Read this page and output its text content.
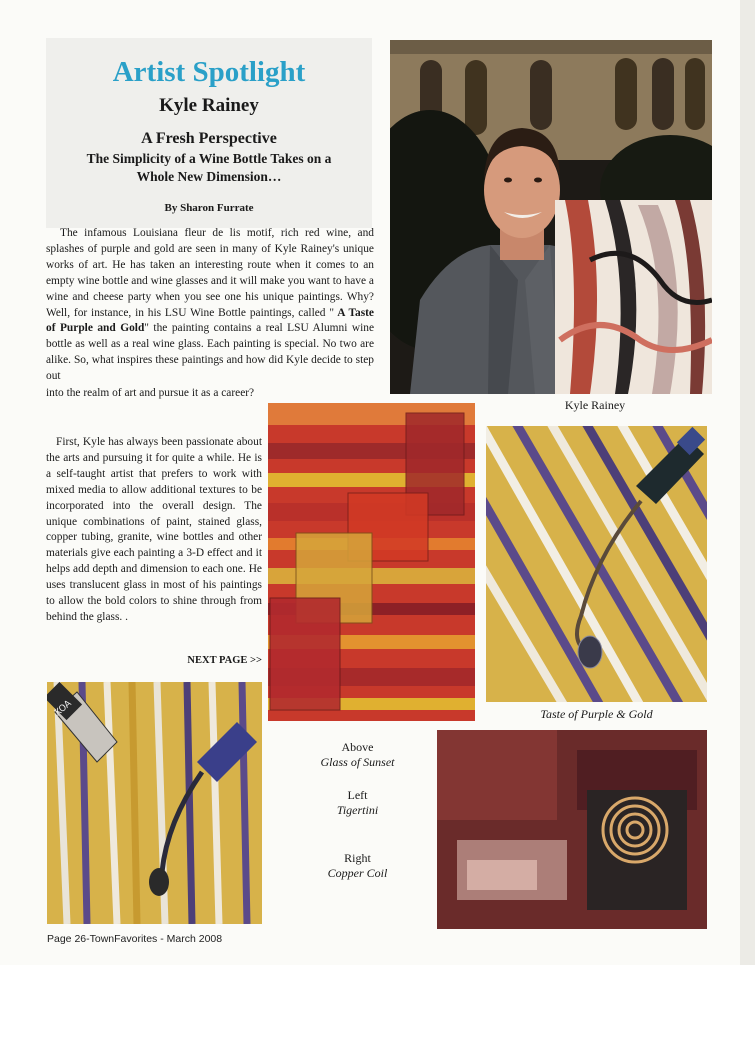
Artist Spotlight
Kyle Rainey
A Fresh Perspective
The Simplicity of a Wine Bottle Takes on a
Whole New Dimension…
By Sharon Furrate

The infamous Louisiana fleur de lis motif, rich red wine, and splashes of purple and gold are seen in many of Kyle Rainey's unique works of art. He has taken an interesting route when it comes to an empty wine bottle and wine glasses and it will make you want to have a wine and cheese party when you see one his unique paintings. Why? Well, for instance, in his LSU Wine Bottle paintings, called " A Taste of Purple and Gold" the painting contains a real LSU Alumni wine bottle as well as a real wine glass. Each painting is special. No two are alike. So, what inspires these paintings and how did Kyle decide to step out

into the realm of art and pursue it as a career?

First, Kyle has always been passionate about the arts and pursuing it for quite a while. He is a self-taught artist that prefers to work with mixed media to allow additional textures to be incorporated into the overall design. The unique combinations of paint, stained glass, copper tubing, granite, wine bottles and other materials give each painting a 3-D effect and it helps add depth and dimension to each one. He uses translucent glass in most of his paintings to allow the bold colors to shine through from behind the glass. .

NEXT PAGE >>
Kyle Rainey
Taste of Purple & Gold
XOA
Above
Glass of Sunset
Left
Tigertini
Right
Copper Coil
Page 26-TownFavorites - March 2008
